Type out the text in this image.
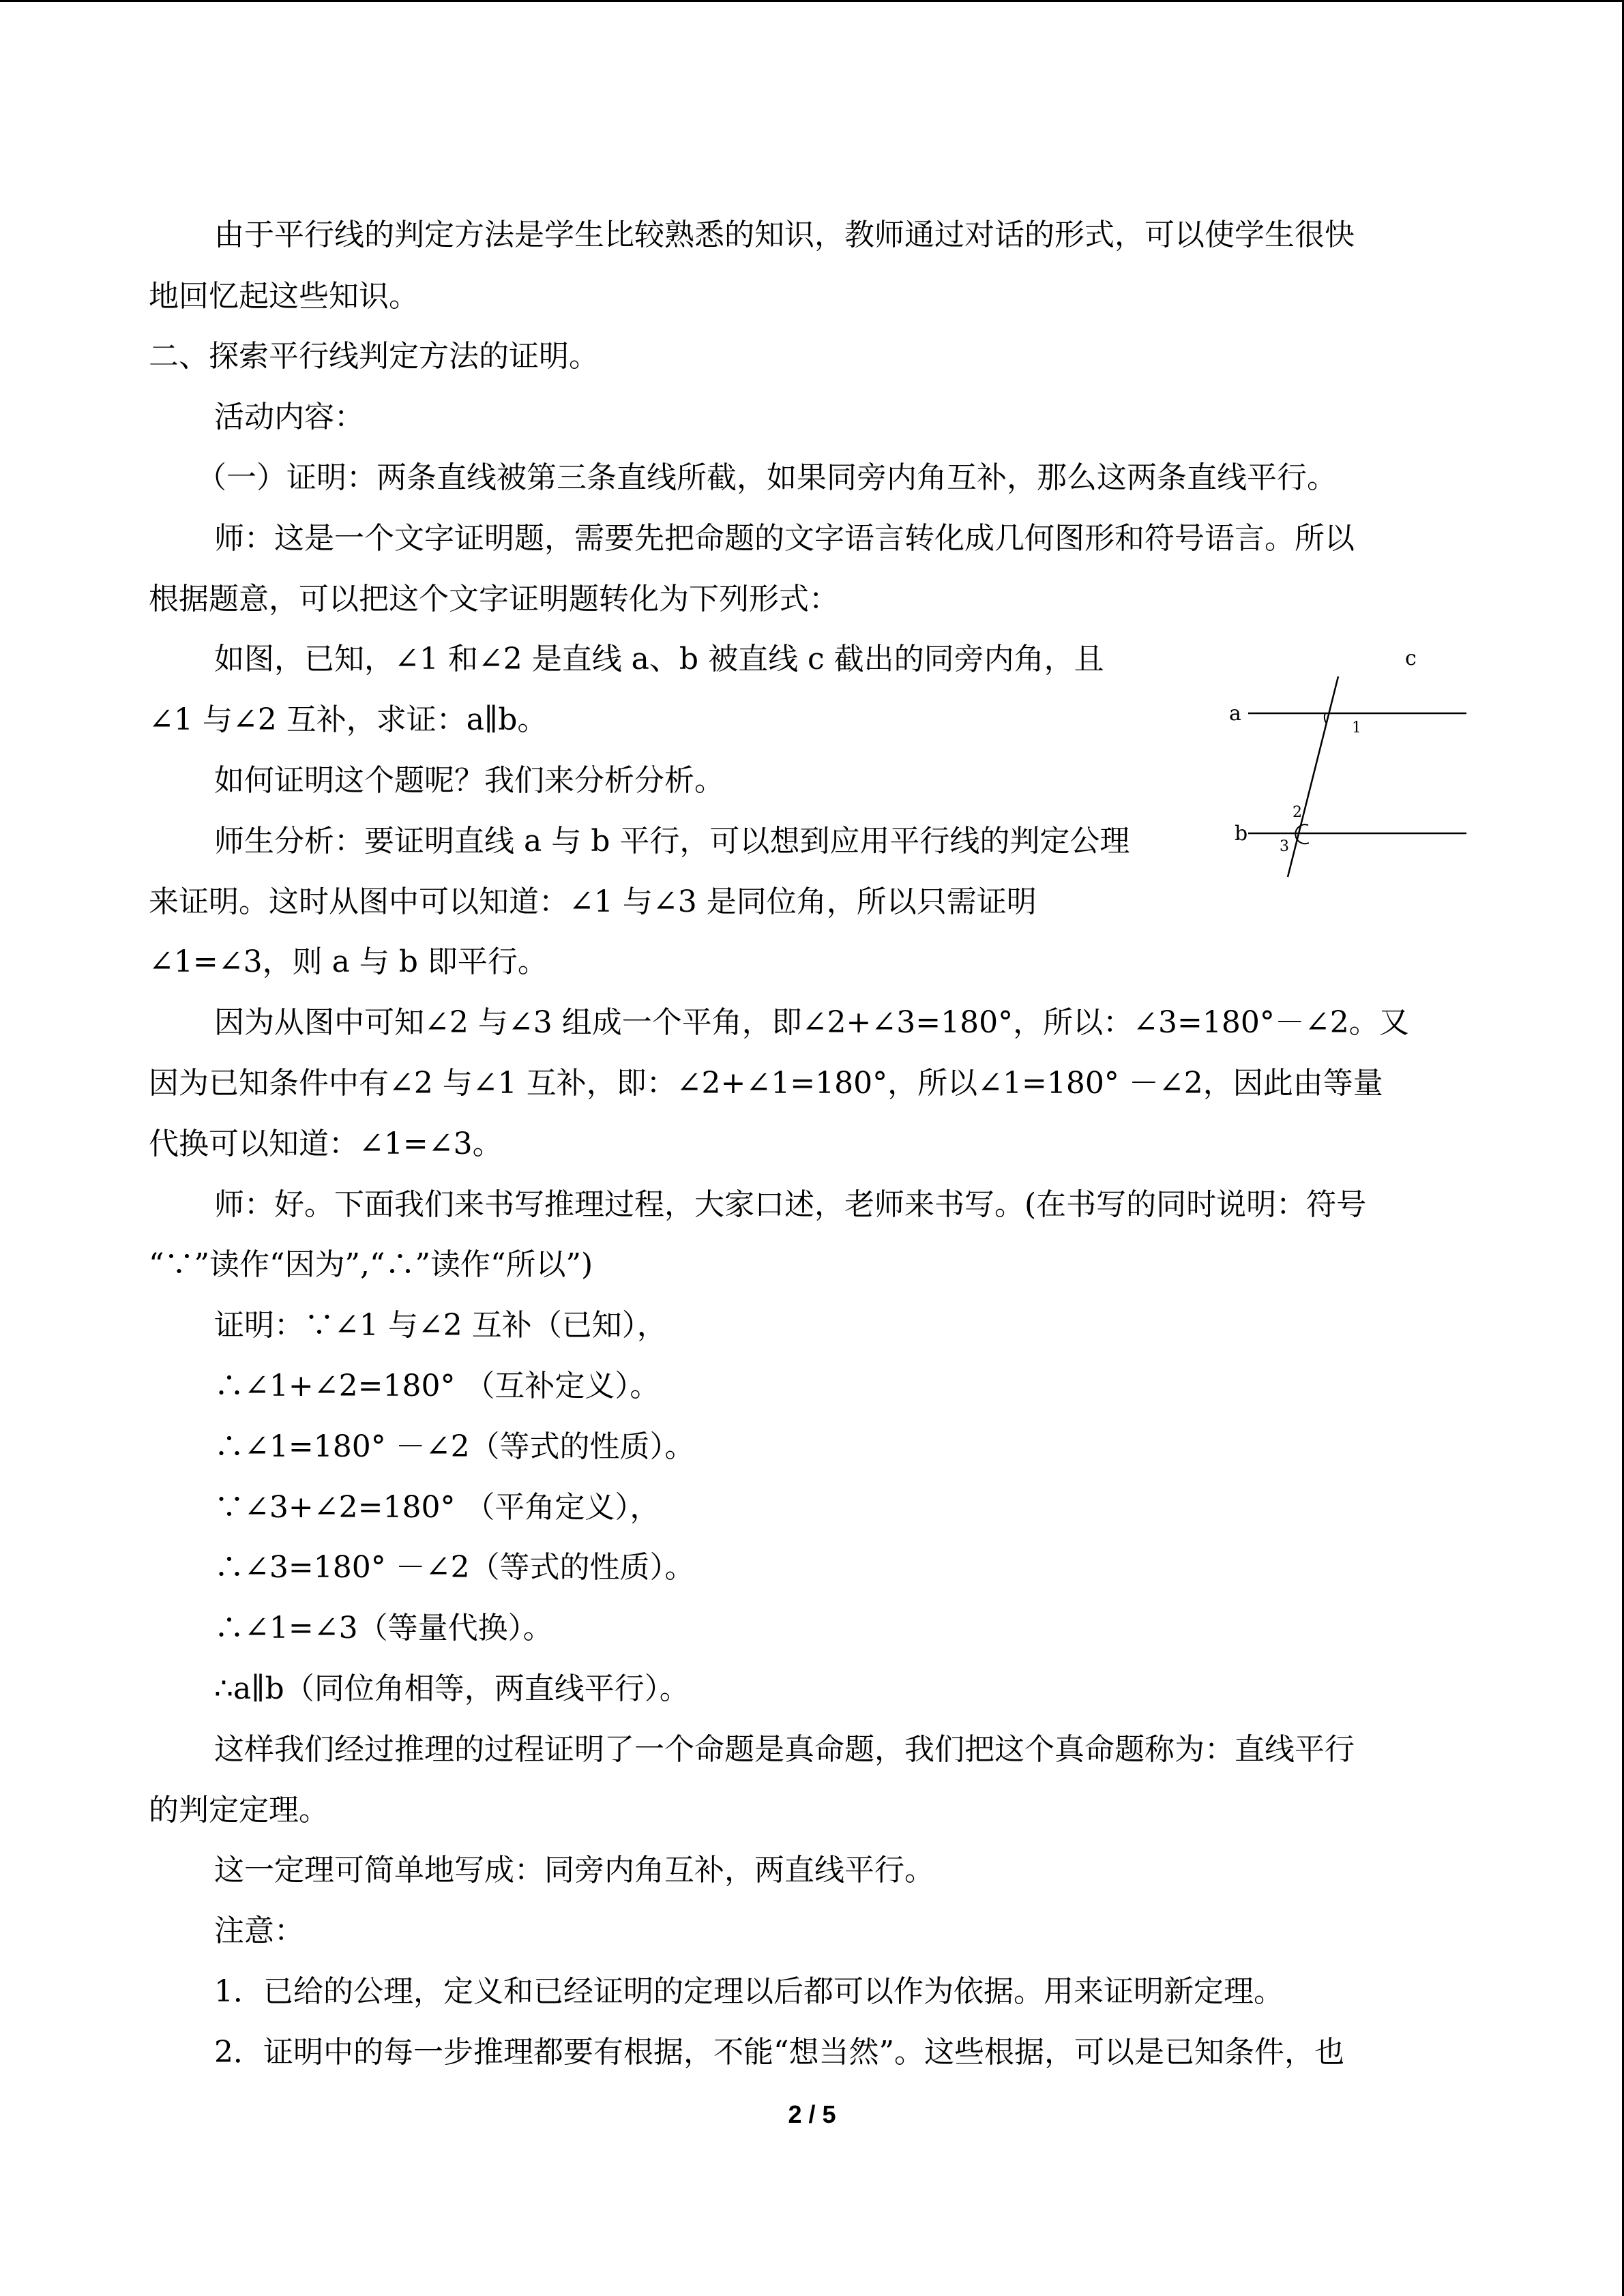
由于平行线的判定方法是学生比较熟悉的知识，教师通过对话的形式，可以使学生很快
地回忆起这些知识。
二、探索平行线判定方法的证明。
活动内容：
（一）证明：两条直线被第三条直线所截，如果同旁内角互补，那么这两条直线平行。
师：这是一个文字证明题，需要先把命题的文字语言转化成几何图形和符号语言。所以
根据题意，可以把这个文字证明题转化为下列形式：
如图，已知，∠1 和∠2 是直线 a、b 被直线 c 截出的同旁内角，且
∠1 与∠2 互补，求证：a∥b。
如何证明这个题呢？我们来分析分析。
师生分析：要证明直线 a 与 b 平行，可以想到应用平行线的判定公理
来证明。这时从图中可以知道：∠1 与∠3 是同位角，所以只需证明
∠1=∠3，则 a 与 b 即平行。
因为从图中可知∠2 与∠3 组成一个平角，即∠2+∠3=180°，所以：∠3=180°－∠2。又
因为已知条件中有∠2 与∠1 互补，即：∠2+∠1=180°，所以∠1=180° －∠2，因此由等量
代换可以知道：∠1=∠3。
师：好。下面我们来书写推理过程，大家口述，老师来书写。(在书写的同时说明：符号
“∵”读作“因为”,“∴”读作“所以”)
证明：∵∠1 与∠2 互补（已知），
∴∠1+∠2=180° （互补定义）。
∴∠1=180° －∠2（等式的性质）。
∵∠3+∠2=180° （平角定义），
∴∠3=180° －∠2（等式的性质）。
∴∠1=∠3（等量代换）。
∴a∥b（同位角相等，两直线平行）。
这样我们经过推理的过程证明了一个命题是真命题，我们把这个真命题称为：直线平行
的判定定理。
这一定理可简单地写成：同旁内角互补，两直线平行。
注意：
1．已给的公理，定义和已经证明的定理以后都可以作为依据。用来证明新定理。
2．证明中的每一步推理都要有根据，不能“想当然”。这些根据，可以是已知条件，也
c
a
b
1
2
3
2 / 5
